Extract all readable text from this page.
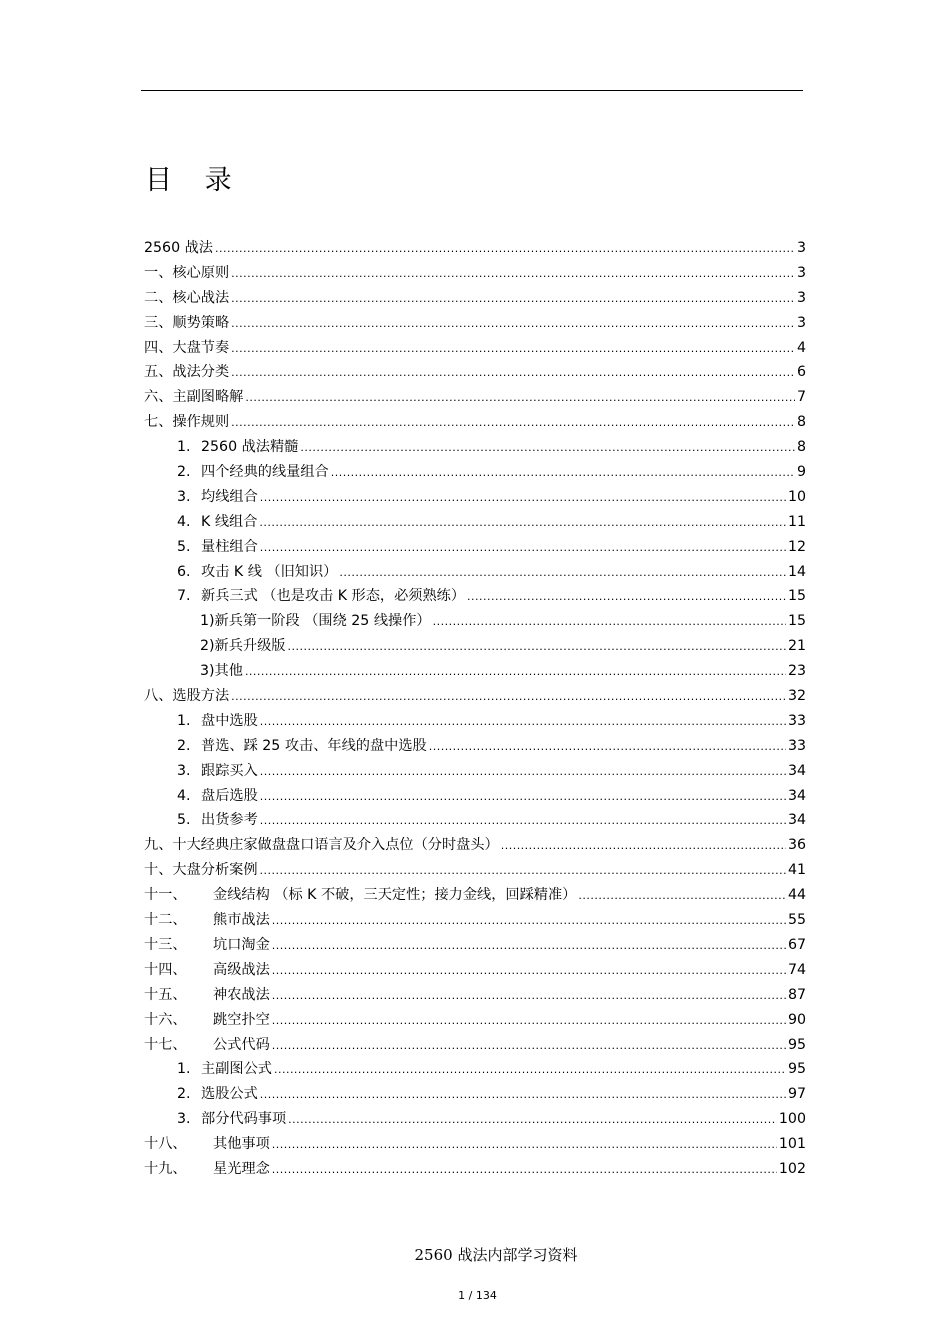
目 录
2560 战法 .....	3
一、核心原则 .....	3
二、核心战法 .....	3
三、顺势策略 .....	3
四、大盘节奏 .....	4
五、战法分类 .....	6
六、主副图略解 .....	7
七、操作规则 .....	8
1. 2560 战法精髓 .....	8
2. 四个经典的线量组合 .....	9
3. 均线组合 .....	10
4. K 线组合 .....	11
5. 量柱组合 .....	12
6. 攻击 K 线 （旧知识） .....	14
7. 新兵三式 （也是攻击 K 形态，必须熟练） .....	15
1)新兵第一阶段 （围绕 25 线操作） .....	15
2)新兵升级版 .....	21
3)其他 .....	23
八、选股方法 .....	32
1. 盘中选股 .....	33
2. 普选、踩 25 攻击、年线的盘中选股 .....	33
3. 跟踪买入 .....	34
4. 盘后选股 .....	34
5. 出货参考 .....	34
九、十大经典庄家做盘盘口语言及介入点位（分时盘头） .....	36
十、大盘分析案例 .....	41
十一、	金线结构 （标 K 不破，三天定性；接力金线，回踩精准） .....	44
十二、	熊市战法 .....	55
十三、	坑口淘金 .....	67
十四、	高级战法 .....	74
十五、	神农战法 .....	87
十六、	跳空扑空 .....	90
十七、	公式代码 .....	95
1. 主副图公式 .....	95
2. 选股公式 .....	97
3. 部分代码事项 .....	100
十八、	其他事项 .....	101
十九、	星光理念 .....	102
2560 战法内部学习资料
1 / 134
